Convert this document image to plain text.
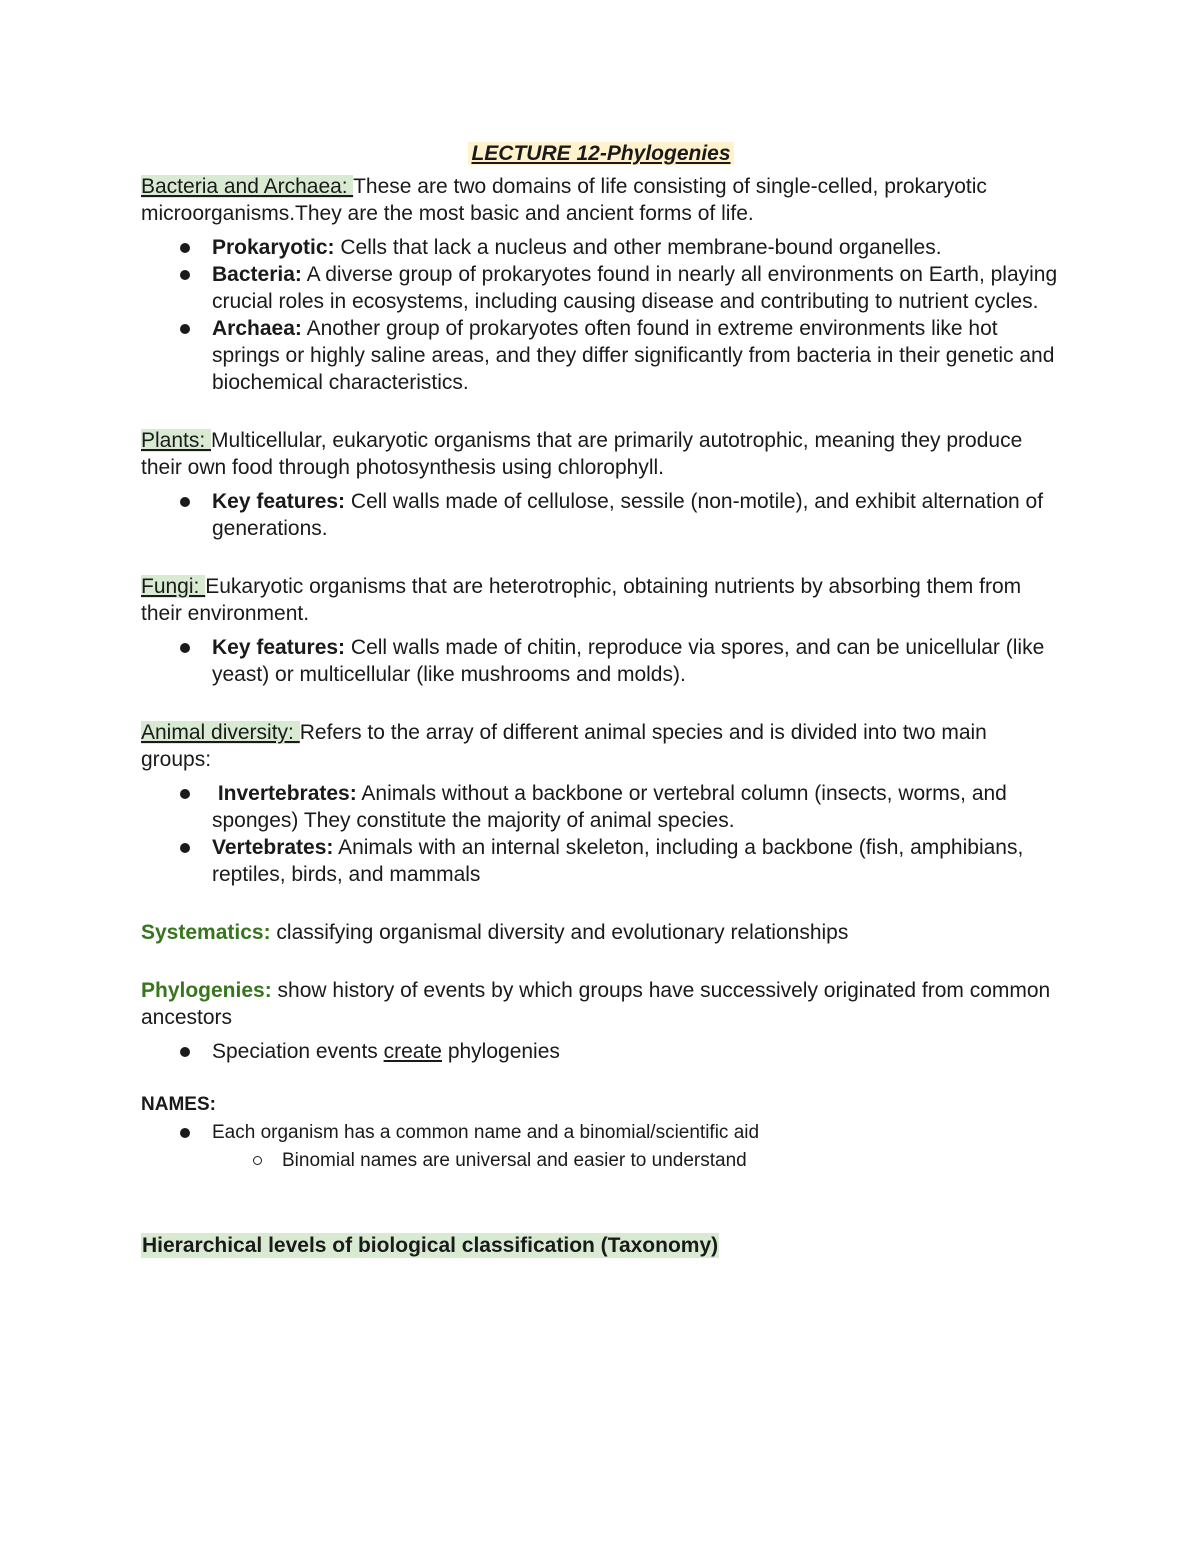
LECTURE 12-Phylogenies

Bacteria and Archaea: These are two domains of life consisting of single-celled, prokaryotic microorganisms.They are the most basic and ancient forms of life.

Prokaryotic: Cells that lack a nucleus and other membrane-bound organelles.
Bacteria: A diverse group of prokaryotes found in nearly all environments on Earth, playing crucial roles in ecosystems, including causing disease and contributing to nutrient cycles.
Archaea: Another group of prokaryotes often found in extreme environments like hot springs or highly saline areas, and they differ significantly from bacteria in their genetic and biochemical characteristics.

Plants: Multicellular, eukaryotic organisms that are primarily autotrophic, meaning they produce their own food through photosynthesis using chlorophyll.

Key features: Cell walls made of cellulose, sessile (non-motile), and exhibit alternation of generations.

Fungi: Eukaryotic organisms that are heterotrophic, obtaining nutrients by absorbing them from their environment.

Key features: Cell walls made of chitin, reproduce via spores, and can be unicellular (like yeast) or multicellular (like mushrooms and molds).

Animal diversity: Refers to the array of different animal species and is divided into two main groups:

Invertebrates: Animals without a backbone or vertebral column (insects, worms, and sponges) They constitute the majority of animal species.
Vertebrates: Animals with an internal skeleton, including a backbone (fish, amphibians, reptiles, birds, and mammals

Systematics: classifying organismal diversity and evolutionary relationships

Phylogenies: show history of events by which groups have successively originated from common ancestors

Speciation events create phylogenies

NAMES:

Each organism has a common name and a binomial/scientific aid
Binomial names are universal and easier to understand

Hierarchical levels of biological classification (Taxonomy)
